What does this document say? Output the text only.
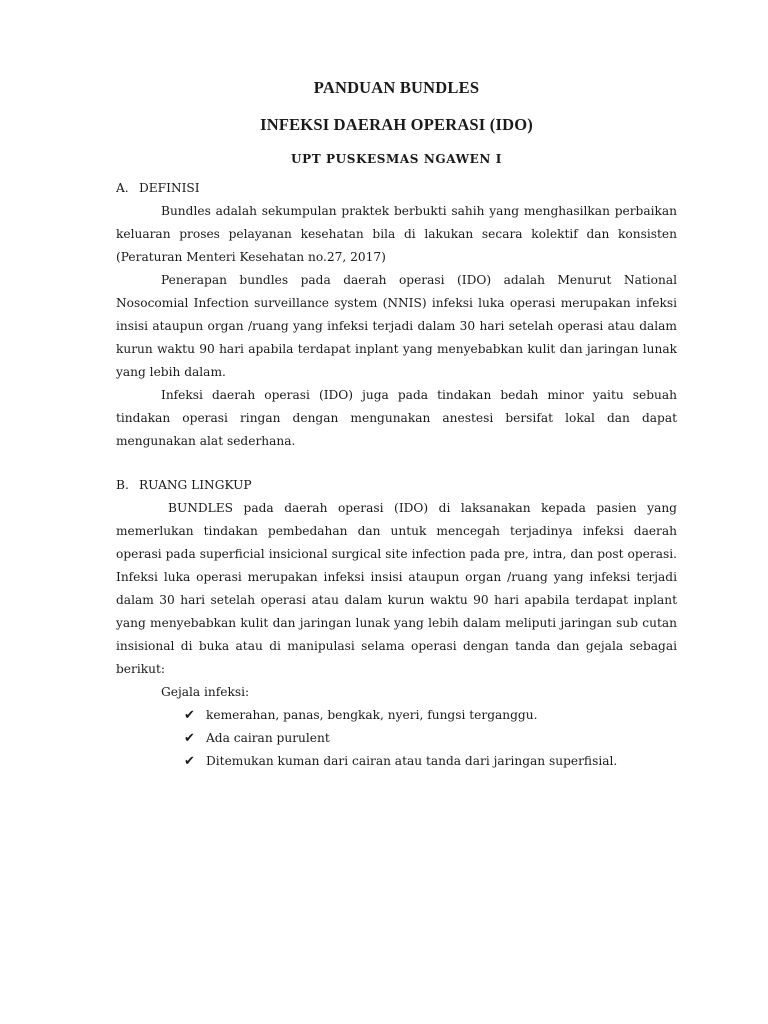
PANDUAN BUNDLES
INFEKSI DAERAH OPERASI (IDO)
UPT PUSKESMAS NGAWEN I
A. DEFINISI

Bundles adalah sekumpulan praktek berbukti sahih yang menghasilkan perbaikan keluaran proses pelayanan kesehatan bila di lakukan secara kolektif dan konsisten (Peraturan Menteri Kesehatan no.27, 2017)

Penerapan bundles pada daerah operasi (IDO) adalah Menurut National Nosocomial Infection surveillance system (NNIS) infeksi luka operasi merupakan infeksi insisi ataupun organ /ruang yang infeksi terjadi dalam 30 hari setelah operasi atau dalam kurun waktu 90 hari apabila terdapat inplant yang menyebabkan kulit dan jaringan lunak yang lebih dalam.

Infeksi daerah operasi (IDO) juga pada tindakan bedah minor yaitu sebuah tindakan operasi ringan dengan mengunakan anestesi bersifat lokal dan dapat mengunakan alat sederhana.

B. RUANG LINGKUP

BUNDLES pada daerah operasi (IDO) di laksanakan kepada pasien yang memerlukan tindakan pembedahan dan untuk mencegah terjadinya infeksi daerah operasi pada superficial insicional surgical site infection pada pre, intra, dan post operasi. Infeksi luka operasi merupakan infeksi insisi ataupun organ /ruang yang infeksi terjadi dalam 30 hari setelah operasi atau dalam kurun waktu 90 hari apabila terdapat inplant yang menyebabkan kulit dan jaringan lunak yang lebih dalam meliputi jaringan sub cutan insisional di buka atau di manipulasi selama operasi dengan tanda dan gejala sebagai berikut:

Gejala infeksi:
✔ kemerahan, panas, bengkak, nyeri, fungsi terganggu.
✔ Ada cairan purulent
✔ Ditemukan kuman dari cairan atau tanda dari jaringan superfisial.
